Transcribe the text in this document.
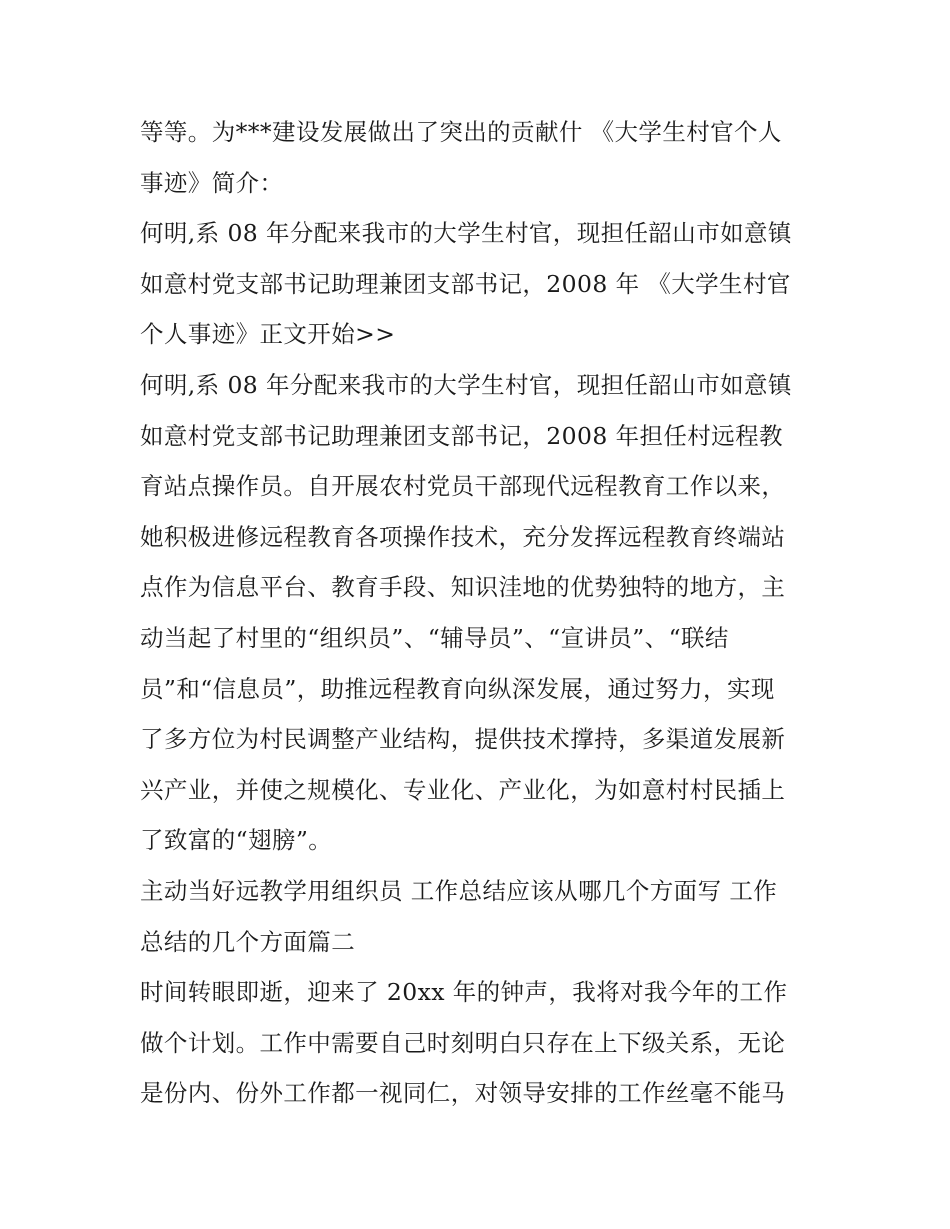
等等。为***建设发展做出了突出的贡献什 《大学生村官个人
事迹》简介：
何明,系 08 年分配来我市的大学生村官，现担任韶山市如意镇
如意村党支部书记助理兼团支部书记，2008 年 《大学生村官
个人事迹》正文开始>>
何明,系 08 年分配来我市的大学生村官，现担任韶山市如意镇
如意村党支部书记助理兼团支部书记，2008 年担任村远程教
育站点操作员。自开展农村党员干部现代远程教育工作以来，
她积极进修远程教育各项操作技术，充分发挥远程教育终端站
点作为信息平台、教育手段、知识洼地的优势独特的地方，主
动当起了村里的“组织员”、“辅导员”、“宣讲员”、“联结
员”和“信息员”，助推远程教育向纵深发展，通过努力，实现
了多方位为村民调整产业结构，提供技术撑持，多渠道发展新
兴产业，并使之规模化、专业化、产业化，为如意村村民插上
了致富的“翅膀”。
主动当好远教学用组织员 工作总结应该从哪几个方面写 工作
总结的几个方面篇二
时间转眼即逝，迎来了 20xx 年的钟声，我将对我今年的工作
做个计划。工作中需要自己时刻明白只存在上下级关系，无论
是份内、份外工作都一视同仁，对领导安排的工作丝毫不能马
